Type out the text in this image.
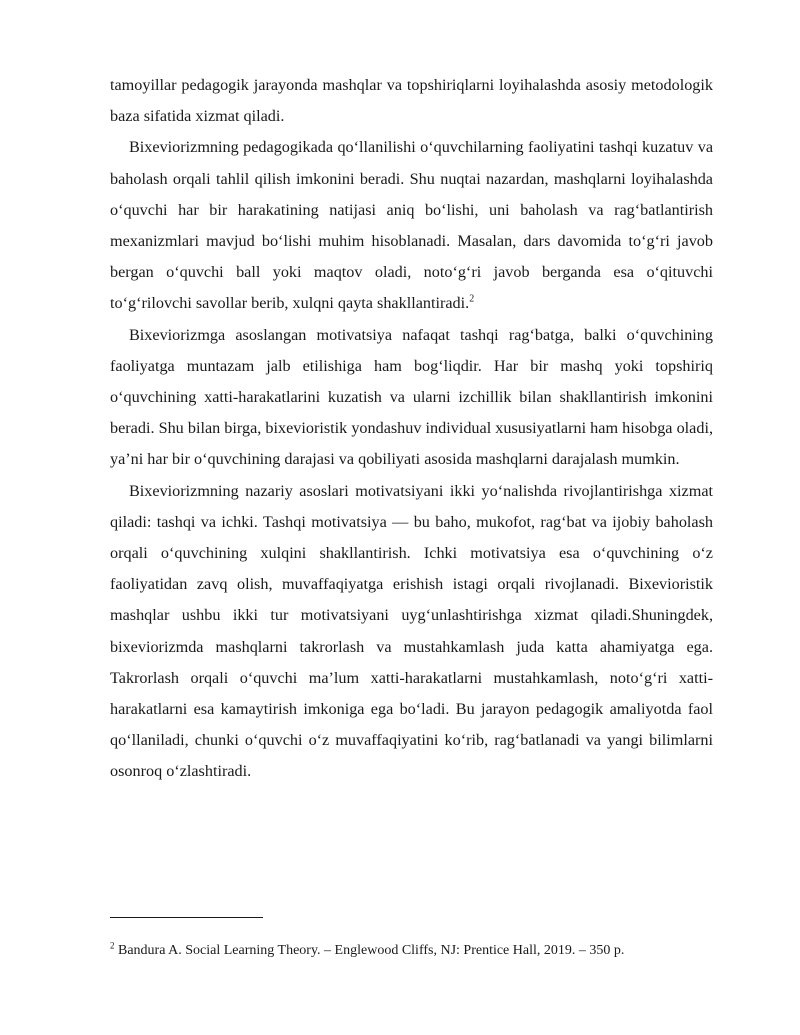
tamoyillar pedagogik jarayonda mashqlar va topshiriqlarni loyihalashda asosiy metodologik baza sifatida xizmat qiladi.

Bixeviorizmning pedagogikada qo‘llanilishi o‘quvchilarning faoliyatini tashqi kuzatuv va baholash orqali tahlil qilish imkonini beradi. Shu nuqtai nazardan, mashqlarni loyihalashda o‘quvchi har bir harakatining natijasi aniq bo‘lishi, uni baholash va rag‘batlantirish mexanizmlari mavjud bo‘lishi muhim hisoblanadi. Masalan, dars davomida to‘g‘ri javob bergan o‘quvchi ball yoki maqtov oladi, noto‘g‘ri javob berganda esa o‘qituvchi to‘g‘rilovchi savollar berib, xulqni qayta shakllantiradi.$^2$

Bixeviorizmga asoslangan motivatsiya nafaqat tashqi rag‘batga, balki o‘quvchining faoliyatga muntazam jalb etilishiga ham bog‘liqdir. Har bir mashq yoki topshiriq o‘quvchining xatti-harakatlarini kuzatish va ularni izchillik bilan shakllantirish imkonini beradi. Shu bilan birga, bixevioristik yondashuv individual xususiyatlarni ham hisobga oladi, ya’ni har bir o‘quvchining darajasi va qobiliyati asosida mashqlarni darajalash mumkin.

Bixeviorizmning nazariy asoslari motivatsiyani ikki yo‘nalishda rivojlantirishga xizmat qiladi: tashqi va ichki. Tashqi motivatsiya — bu baho, mukofot, rag‘bat va ijobiy baholash orqali o‘quvchining xulqini shakllantirish. Ichki motivatsiya esa o‘quvchining o‘z faoliyatidan zavq olish, muvaffaqiyatga erishish istagi orqali rivojlanadi. Bixevioristik mashqlar ushbu ikki tur motivatsiyani uyg‘unlashtirishga xizmat qiladi.Shuningdek, bixeviorizmda mashqlarni takrorlash va mustahkamlash juda katta ahamiyatga ega. Takrorlash orqali o‘quvchi ma’lum xatti-harakatlarni mustahkamlash, noto‘g‘ri xatti-harakatlarni esa kamaytirish imkoniga ega bo‘ladi. Bu jarayon pedagogik amaliyotda faol qo‘llaniladi, chunki o‘quvchi o‘z muvaffaqiyatini ko‘rib, rag‘batlanadi va yangi bilimlarni osonroq o‘zlashtiradi.

$^2$ Bandura A. Social Learning Theory. – Englewood Cliffs, NJ: Prentice Hall, 2019. – 350 p.
